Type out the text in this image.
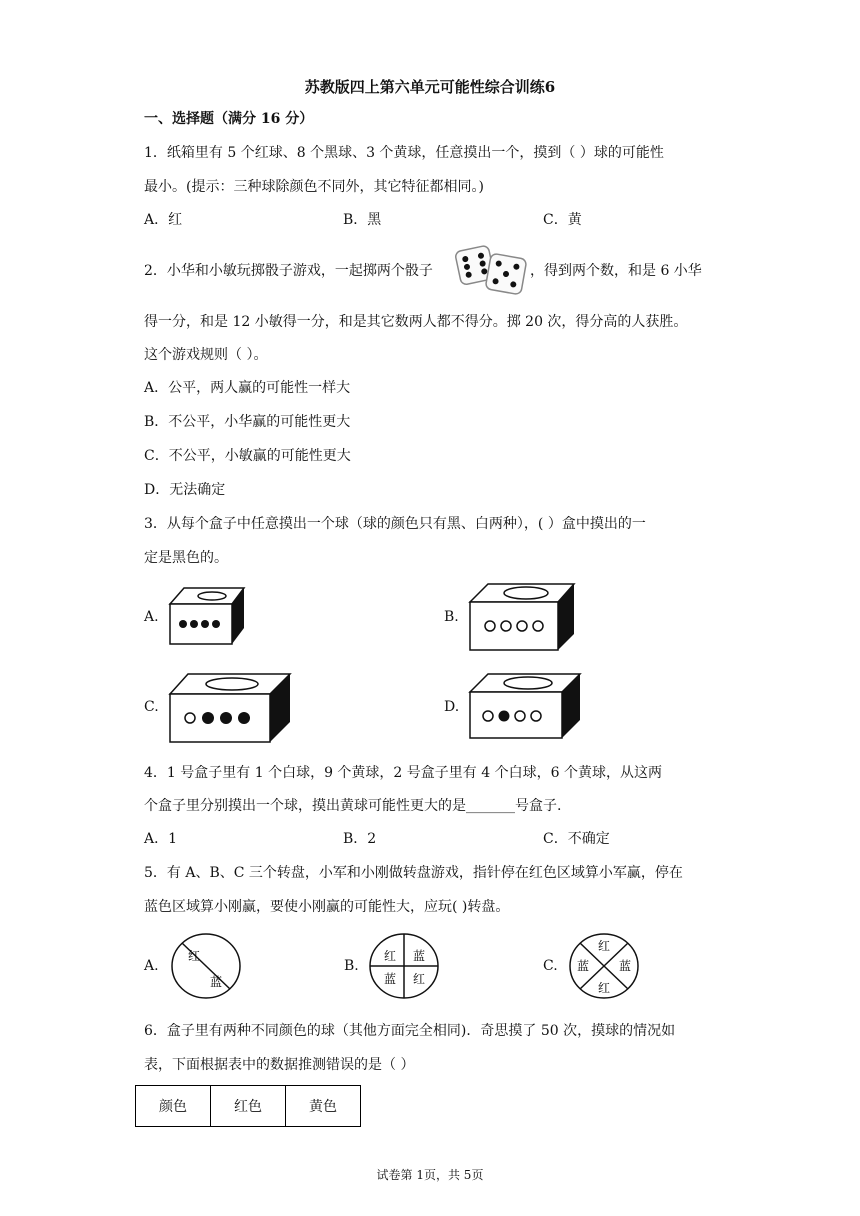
苏教版四上第六单元可能性综合训练6
一、选择题（满分 16 分）
1．纸箱里有 5 个红球、8 个黑球、3 个黄球，任意摸出一个，摸到（ ）球的可能性
最小。(提示：三种球除颜色不同外，其它特征都相同。)
A．红	B．黑	C．黄
2．小华和小敏玩掷骰子游戏，一起掷两个骰子	，得到两个数，和是 6 小华
得一分，和是 12 小敏得一分，和是其它数两人都不得分。掷 20 次，得分高的人获胜。
这个游戏规则（ ）。
A．公平，两人赢的可能性一样大
B．不公平，小华赢的可能性更大
C．不公平，小敏赢的可能性更大
D．无法确定
3．从每个盒子中任意摸出一个球（球的颜色只有黑、白两种），( ）盒中摸出的一
定是黑色的。
A.	B.
C.	D.
4．1 号盒子里有 1 个白球，9 个黄球，2 号盒子里有 4 个白球，6 个黄球，从这两
个盒子里分别摸出一个球，摸出黄球可能性更大的是_______号盒子.
A．1	B．2	C．不确定
5．有 A、B、C 三个转盘，小军和小刚做转盘游戏，指针停在红色区域算小军赢，停在
蓝色区域算小刚赢，要使小刚赢的可能性大，应玩( )转盘。
A.
红
蓝
B.
红 蓝
蓝 红
C.
红
蓝 蓝
红
6．盒子里有两种不同颜色的球（其他方面完全相同)．奇思摸了 50 次，摸球的情况如
表，下面根据表中的数据推测错误的是（ ）
颜色	红色	黄色
试卷第 1页，共 5页
